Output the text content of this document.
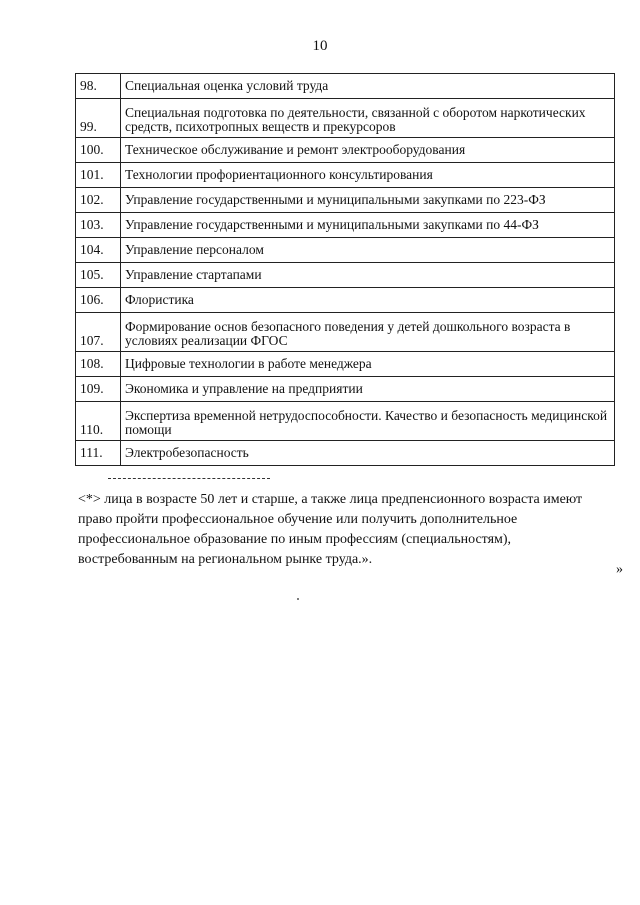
10
98.	Специальная оценка условий труда
99.	Специальная подготовка по деятельности, связанной с оборотом наркотических средств, психотропных веществ и прекурсоров
100.	Техническое обслуживание и ремонт электрооборудования
101.	Технологии профориентационного консультирования
102.	Управление государственными и муниципальными закупками по 223-ФЗ
103.	Управление государственными и муниципальными закупками по 44-ФЗ
104.	Управление персоналом
105.	Управление стартапами
106.	Флористика
107.	Формирование основ безопасного поведения у детей дошкольного возраста в условиях реализации ФГОС
108.	Цифровые технологии в работе менеджера
109.	Экономика и управление на предприятии
110.	Экспертиза временной нетрудоспособности. Качество и безопасность медицинской помощи
111.	Электробезопасность
<*> лица в возрасте 50 лет и старше, а также лица предпенсионного возраста имеют право пройти профессиональное обучение или получить дополнительное профессиональное образование по иным профессиям (специальностям), востребованным на региональном рынке труда.».
»
